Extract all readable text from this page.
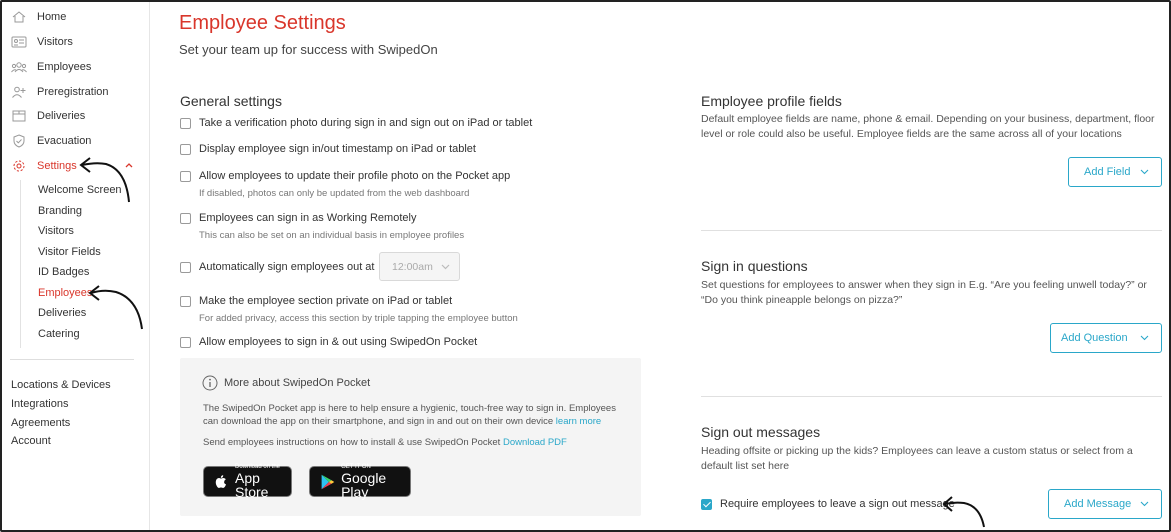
Home
Visitors
Employees
Preregistration
Deliveries
Evacuation
Settings
Welcome Screen
Branding
Visitors
Visitor Fields
ID Badges
Employees
Deliveries
Catering
Locations & Devices
Integrations
Agreements
Account
Employee Settings
Set your team up for success with SwipedOn
General settings
Take a verification photo during sign in and sign out on iPad or tablet
Display employee sign in/out timestamp on iPad or tablet
Allow employees to update their profile photo on the Pocket app
If disabled, photos can only be updated from the web dashboard
Employees can sign in as Working Remotely
This can also be set on an individual basis in employee profiles
Automatically sign employees out at 12:00am
Make the employee section private on iPad or tablet
For added privacy, access this section by triple tapping the employee button
Allow employees to sign in & out using SwipedOn Pocket
More about SwipedOn Pocket
The SwipedOn Pocket app is here to help ensure a hygienic, touch-free way to sign in. Employees can download the app on their smartphone, and sign in and out on their own device learn more
Send employees instructions on how to install & use SwipedOn Pocket Download PDF
Download on the
App Store
GET IT ON
Google Play
Employee profile fields
Default employee fields are name, phone & email. Depending on your business, department, floor level or role could also be useful. Employee fields are the same across all of your locations
Add Field
Sign in questions
Set questions for employees to answer when they sign in E.g. “Are you feeling unwell today?” or “Do you think pineapple belongs on pizza?”
Add Question
Sign out messages
Heading offsite or picking up the kids? Employees can leave a custom status or select from a default list set here
Require employees to leave a sign out message	Add Message
